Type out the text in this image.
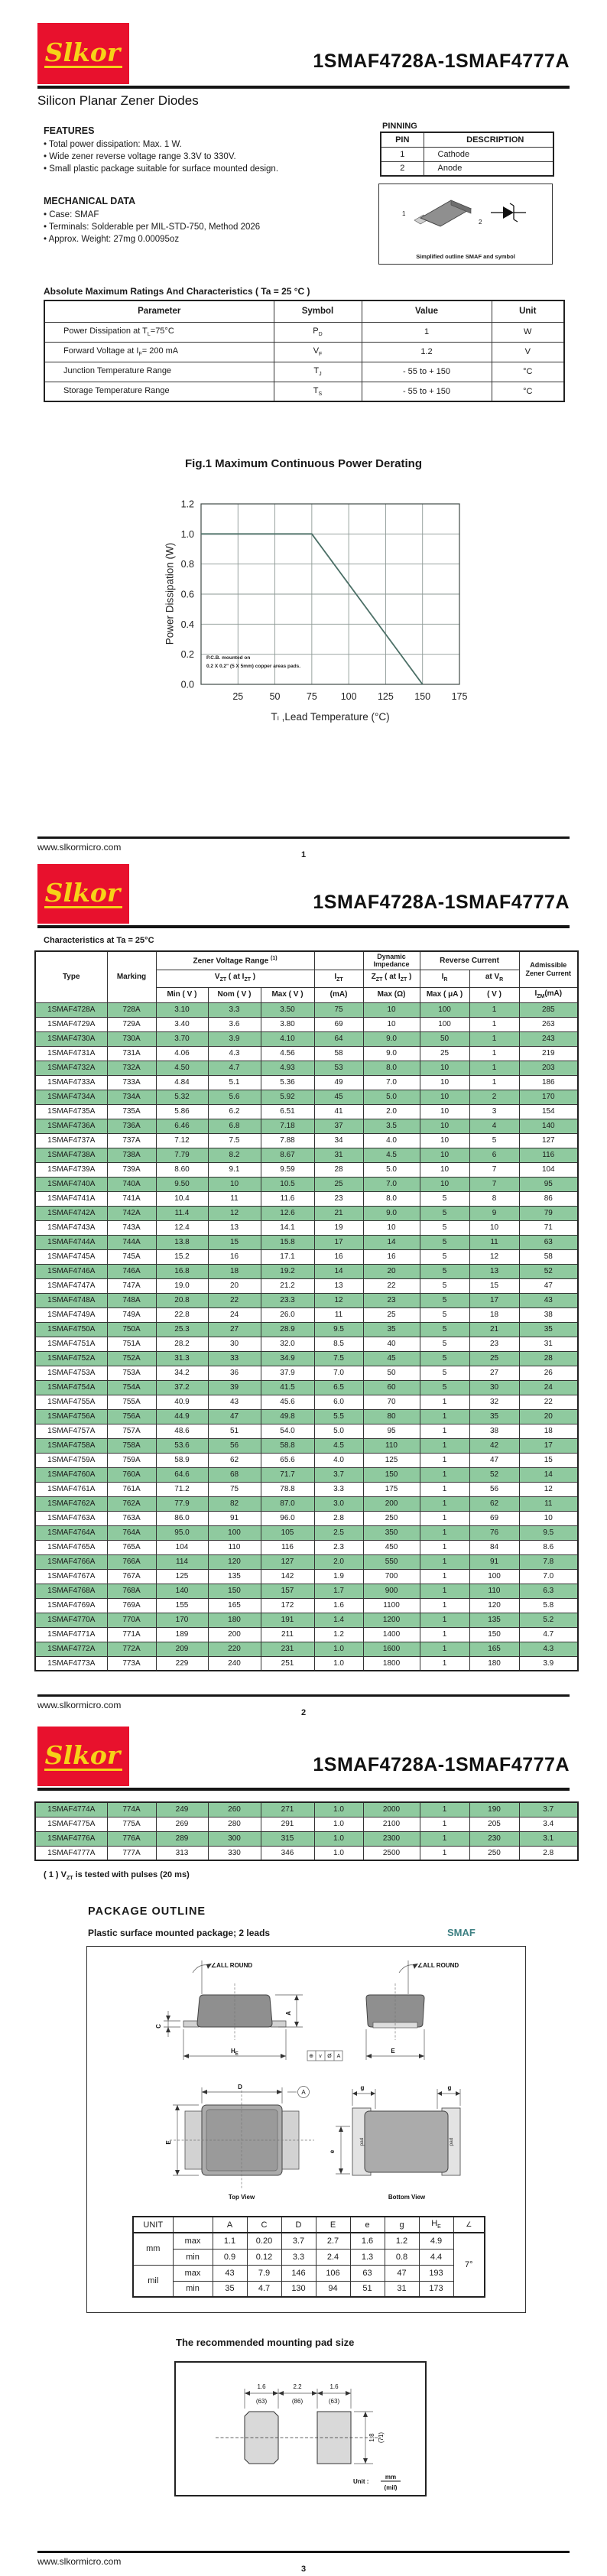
Slkor	1SMAF4728A-1SMAF4777A
Silicon Planar Zener Diodes
FEATURES
• Total power dissipation: Max. 1 W.
• Wide zener reverse voltage range 3.3V to 330V.
• Small plastic package suitable for surface mounted design.
MECHANICAL DATA
• Case: SMAF
• Terminals: Solderable per MIL-STD-750, Method 2026
• Approx. Weight: 27mg 0.00095oz
PINNING
PIN	DESCRIPTION
1	Cathode
2	Anode
1
2
Simplified outline SMAF and symbol
Absolute Maximum Ratings And Characteristics ( Ta = 25 °C )
Parameter	Symbol	Value	Unit
Power Dissipation at $T_L=75^\circ C$	$P_D$	1	W
Forward Voltage at $I_F= 200$ mA	$V_F$	1.2	V
Junction Temperature Range	$T_J$	- 55 to + 150	°C
Storage Temperature Range	$T_S$	- 55 to + 150	°C
Fig.1 Maximum Continuous Power Derating
0.0
0.2
0.4
0.6
0.8
1.0
1.2
25	50	75 100 125 150 175
Power Dissipation (W)
Tₗ ,Lead Temperature (°C)
P.C.B. mounted on
0.2 X 0.2" (5 X 5mm) copper areas pads.
www.slkormicro.com
1
Slkor	1SMAF4728A-1SMAF4777A
Characteristics at Ta = 25°C
Type	Marking	Zener Voltage Range $^{(1)}$				Dynamic
Impedance	Reverse Current		Admissible
Zener Current
		$V_{ZT}$ ( at $I_{ZT}$ )			$I_{ZT}$	$Z_{ZT}$ ( at $I_{ZT}$ )	$I_R$	at $V_R$
		Min ( V )	Nom ( V )	Max ( V )	(mA)	Max (Ω)	Max ( μA )	( V )	$I_{ZM}(mA)$
1SMAF4728A	728A	3.10	3.3	3.50	75	10	100	1	285
1SMAF4729A	729A	3.40	3.6	3.80	69	10	100	1	263
1SMAF4730A	730A	3.70	3.9	4.10	64	9.0	50	1	243
1SMAF4731A	731A	4.06	4.3	4.56	58	9.0	25	1	219
1SMAF4732A	732A	4.50	4.7	4.93	53	8.0	10	1	203
1SMAF4733A	733A	4.84	5.1	5.36	49	7.0	10	1	186
1SMAF4734A	734A	5.32	5.6	5.92	45	5.0	10	2	170
1SMAF4735A	735A	5.86	6.2	6.51	41	2.0	10	3	154
1SMAF4736A	736A	6.46	6.8	7.18	37	3.5	10	4	140
1SMAF4737A	737A	7.12	7.5	7.88	34	4.0	10	5	127
1SMAF4738A	738A	7.79	8.2	8.67	31	4.5	10	6	116
1SMAF4739A	739A	8.60	9.1	9.59	28	5.0	10	7	104
1SMAF4740A	740A	9.50	10	10.5	25	7.0	10	7	95
1SMAF4741A	741A	10.4	11	11.6	23	8.0	5	8	86
1SMAF4742A	742A	11.4	12	12.6	21	9.0	5	9	79
1SMAF4743A	743A	12.4	13	14.1	19	10	5	10	71
1SMAF4744A	744A	13.8	15	15.8	17	14	5	11	63
1SMAF4745A	745A	15.2	16	17.1	16	16	5	12	58
1SMAF4746A	746A	16.8	18	19.2	14	20	5	13	52
1SMAF4747A	747A	19.0	20	21.2	13	22	5	15	47
1SMAF4748A	748A	20.8	22	23.3	12	23	5	17	43
1SMAF4749A	749A	22.8	24	26.0	11	25	5	18	38
1SMAF4750A	750A	25.3	27	28.9	9.5	35	5	21	35
1SMAF4751A	751A	28.2	30	32.0	8.5	40	5	23	31
1SMAF4752A	752A	31.3	33	34.9	7.5	45	5	25	28
1SMAF4753A	753A	34.2	36	37.9	7.0	50	5	27	26
1SMAF4754A	754A	37.2	39	41.5	6.5	60	5	30	24
1SMAF4755A	755A	40.9	43	45.6	6.0	70	1	32	22
1SMAF4756A	756A	44.9	47	49.8	5.5	80	1	35	20
1SMAF4757A	757A	48.6	51	54.0	5.0	95	1	38	18
1SMAF4758A	758A	53.6	56	58.8	4.5	110	1	42	17
1SMAF4759A	759A	58.9	62	65.6	4.0	125	1	47	15
1SMAF4760A	760A	64.6	68	71.7	3.7	150	1	52	14
1SMAF4761A	761A	71.2	75	78.8	3.3	175	1	56	12
1SMAF4762A	762A	77.9	82	87.0	3.0	200	1	62	11
1SMAF4763A	763A	86.0	91	96.0	2.8	250	1	69	10
1SMAF4764A	764A	95.0	100	105	2.5	350	1	76	9.5
1SMAF4765A	765A	104	110	116	2.3	450	1	84	8.6
1SMAF4766A	766A	114	120	127	2.0	550	1	91	7.8
1SMAF4767A	767A	125	135	142	1.9	700	1	100	7.0
1SMAF4768A	768A	140	150	157	1.7	900	1	110	6.3
1SMAF4769A	769A	155	165	172	1.6	1100	1	120	5.8
1SMAF4770A	770A	170	180	191	1.4	1200	1	135	5.2
1SMAF4771A	771A	189	200	211	1.2	1400	1	150	4.7
1SMAF4772A	772A	209	220	231	1.0	1600	1	165	4.3
1SMAF4773A	773A	229	240	251	1.0	1800	1	180	3.9
www.slkormicro.com
2
Slkor	1SMAF4728A-1SMAF4777A
1SMAF4774A	774A	249	260	271	1.0	2000	1	190	3.7
1SMAF4775A	775A	269	280	291	1.0	2100	1	205	3.4
1SMAF4776A	776A	289	300	315	1.0	2300	1	230	3.1
1SMAF4777A	777A	313	330	346	1.0	2500	1	250	2.8
( 1 ) $V_{ZT}$ is tested with pulses (20 ms)
PACKAGE OUTLINE
Plastic surface mounted package; 2 leads	SMAF
∠ALL ROUND
A
C
$H_E$	⊕ v Ø A
∠ALL ROUND
E
D
A
E
Top View
pad	pad
g	g
e
Bottom View
UNIT		A	C	D	E	e	g	$H_E$	∠
mm	max	1.1	0.20	3.7	2.7	1.6	1.2	4.9	7°
	min	0.9	0.12	3.3	2.4	1.3	0.8	4.4	
mil	max	43	7.9	146	106	63	47	193	
	min	35	4.7	130	94	51	31	173	
The recommended mounting pad size
1.6
(63)
2.2
(86)
1.6
(63)
1.8 (71)
Unit :
mm
(mil)
www.slkormicro.com
3
